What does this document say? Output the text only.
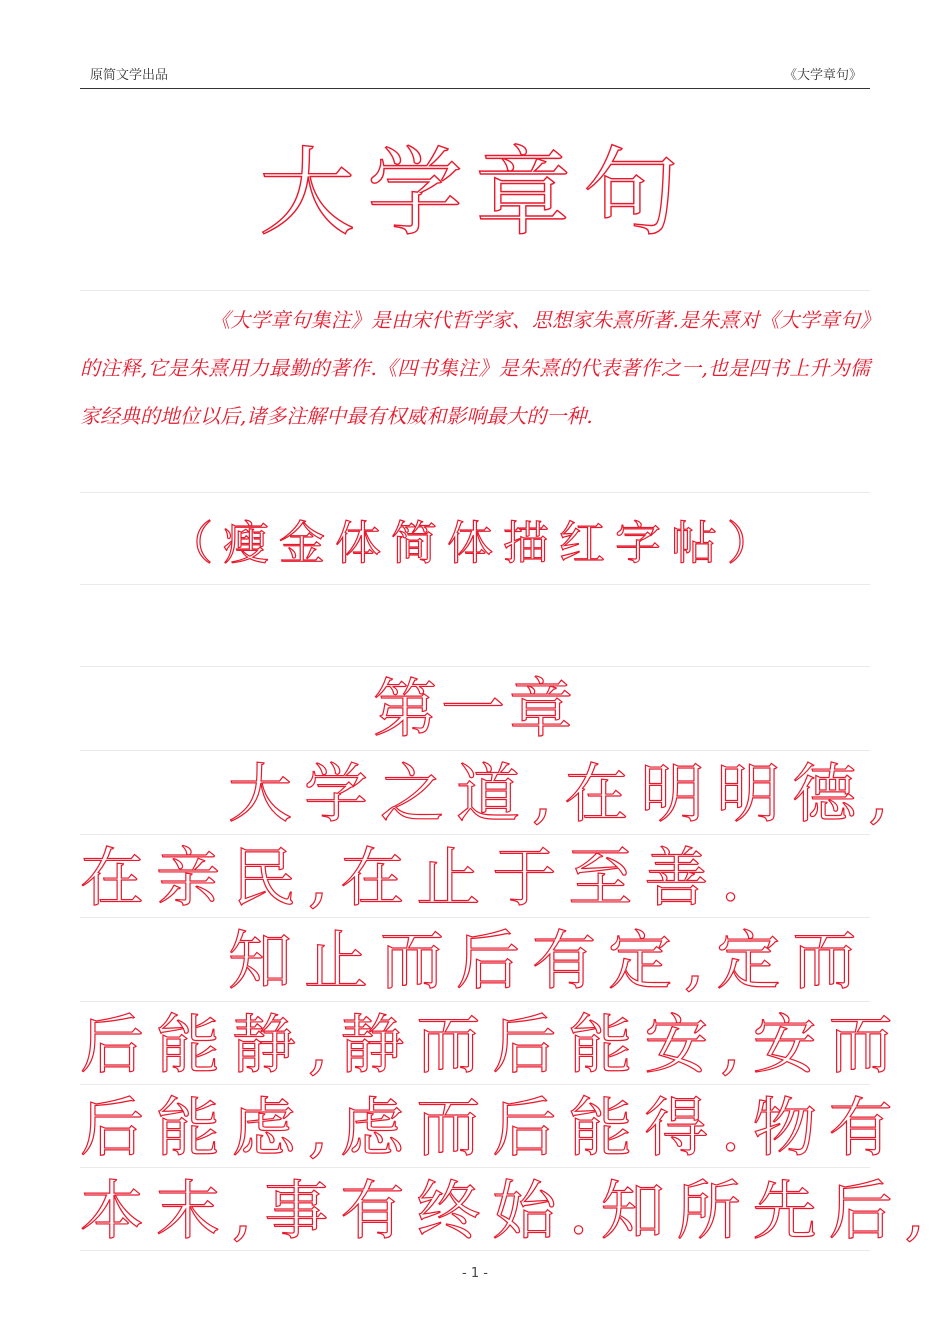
原简文学出品	《大学章句》
大学章句
《大学章句集注》是由宋代哲学家、思想家朱熹所著.是朱熹对《大学章句》的注释,它是朱熹用力最勤的著作.《四书集注》是朱熹的代表著作之一,也是四书上升为儒家经典的地位以后,诸多注解中最有权威和影响最大的一种.
（瘦金体简体描红字帖）
第一章
大学之道,在明明德,
在亲民,在止于至善.
知止而后有定,定而
后能静,静而后能安,安而
后能虑,虑而后能得.物有
本末,事有终始.知所先后,
- 1 -
